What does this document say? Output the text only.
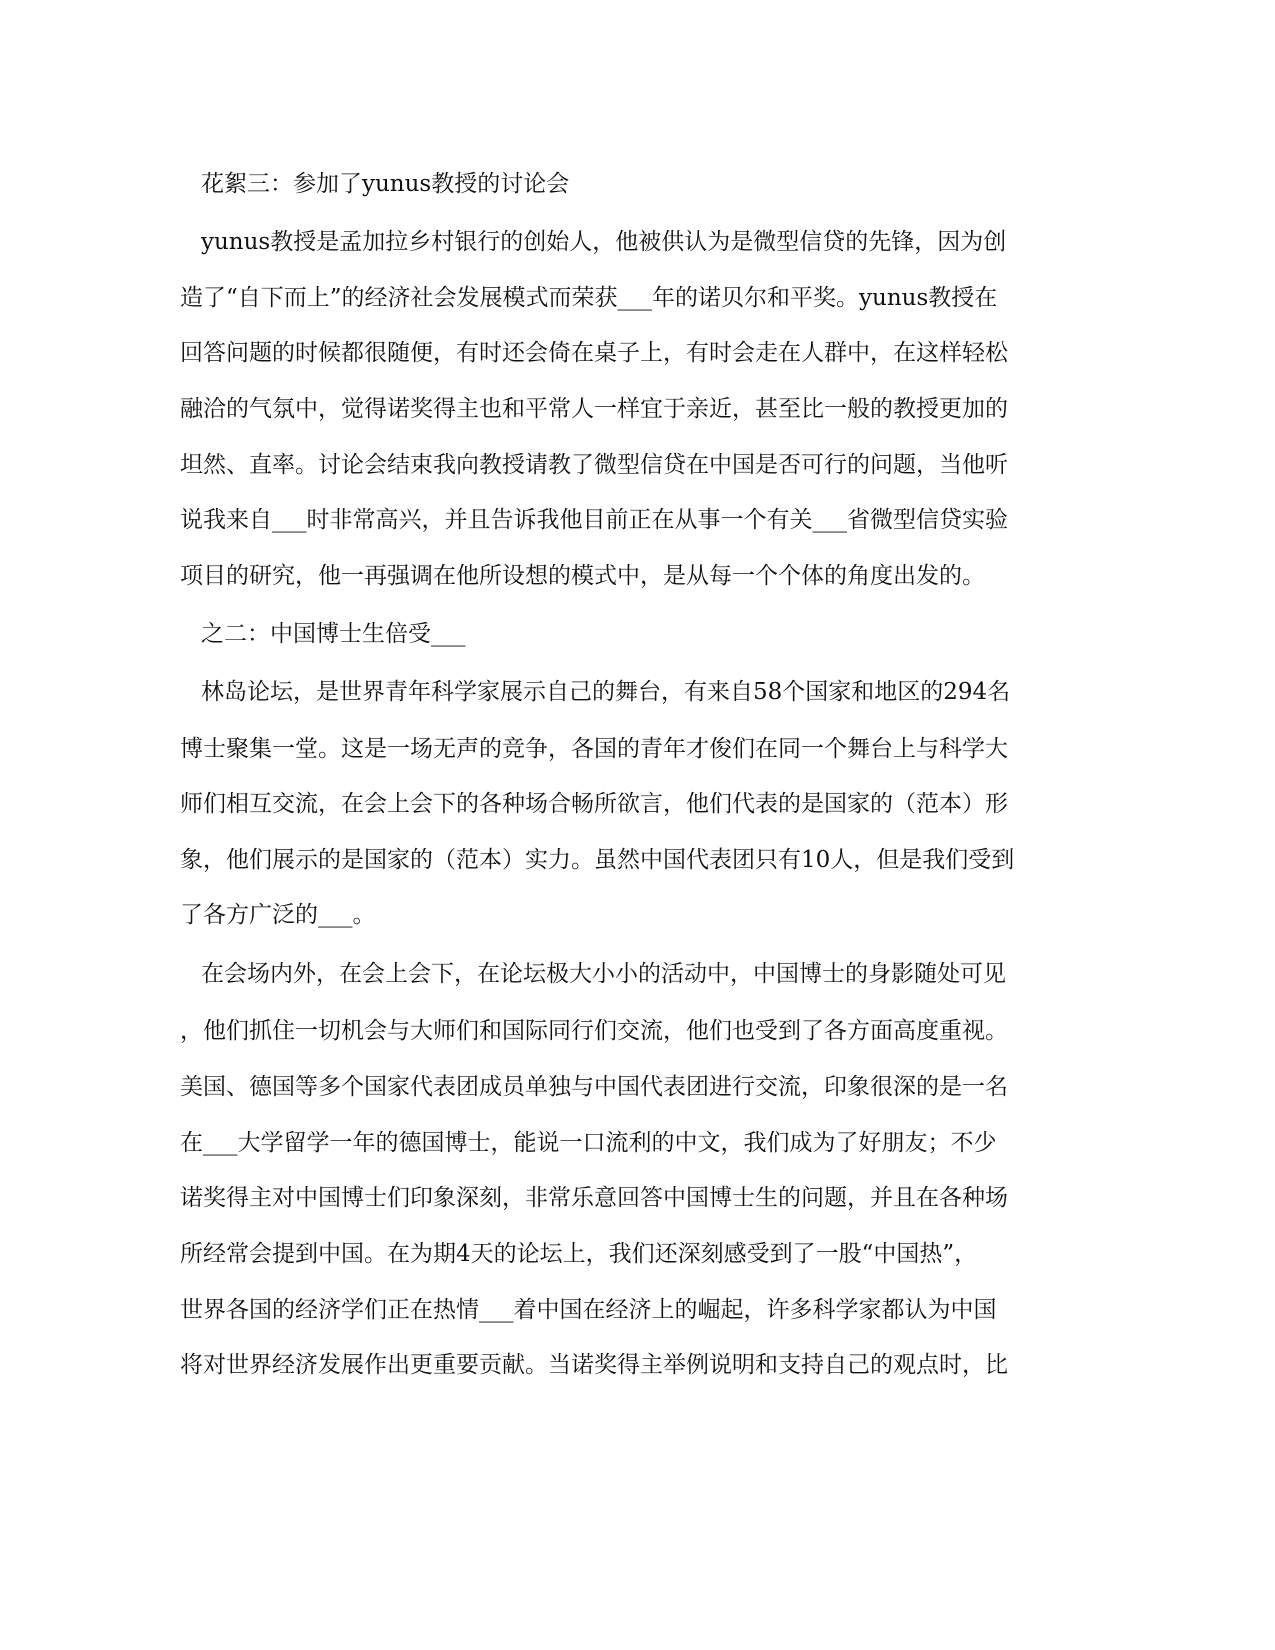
花絮三：参加了yunus教授的讨论会
yunus教授是孟加拉乡村银行的创始人，他被供认为是微型信贷的先锋，因为创
造了“自下而上”的经济社会发展模式而荣获___年的诺贝尔和平奖。yunus教授在
回答问题的时候都很随便，有时还会倚在桌子上，有时会走在人群中，在这样轻松
融洽的气氛中，觉得诺奖得主也和平常人一样宜于亲近，甚至比一般的教授更加的
坦然、直率。讨论会结束我向教授请教了微型信贷在中国是否可行的问题，当他听
说我来自___时非常高兴，并且告诉我他目前正在从事一个有关___省微型信贷实验
项目的研究，他一再强调在他所设想的模式中，是从每一个个体的角度出发的。
之二：中国博士生倍受___
林岛论坛，是世界青年科学家展示自己的舞台，有来自58个国家和地区的294名
博士聚集一堂。这是一场无声的竞争，各国的青年才俊们在同一个舞台上与科学大
师们相互交流，在会上会下的各种场合畅所欲言，他们代表的是国家的（范本）形
象，他们展示的是国家的（范本）实力。虽然中国代表团只有10人，但是我们受到
了各方广泛的___。
在会场内外，在会上会下，在论坛极大小小的活动中，中国博士的身影随处可见
，他们抓住一切机会与大师们和国际同行们交流，他们也受到了各方面高度重视。
美国、德国等多个国家代表团成员单独与中国代表团进行交流，印象很深的是一名
在___大学留学一年的德国博士，能说一口流利的中文，我们成为了好朋友；不少
诺奖得主对中国博士们印象深刻，非常乐意回答中国博士生的问题，并且在各种场
所经常会提到中国。在为期4天的论坛上，我们还深刻感受到了一股“中国热”，
世界各国的经济学们正在热情___着中国在经济上的崛起，许多科学家都认为中国
将对世界经济发展作出更重要贡献。当诺奖得主举例说明和支持自己的观点时，比
